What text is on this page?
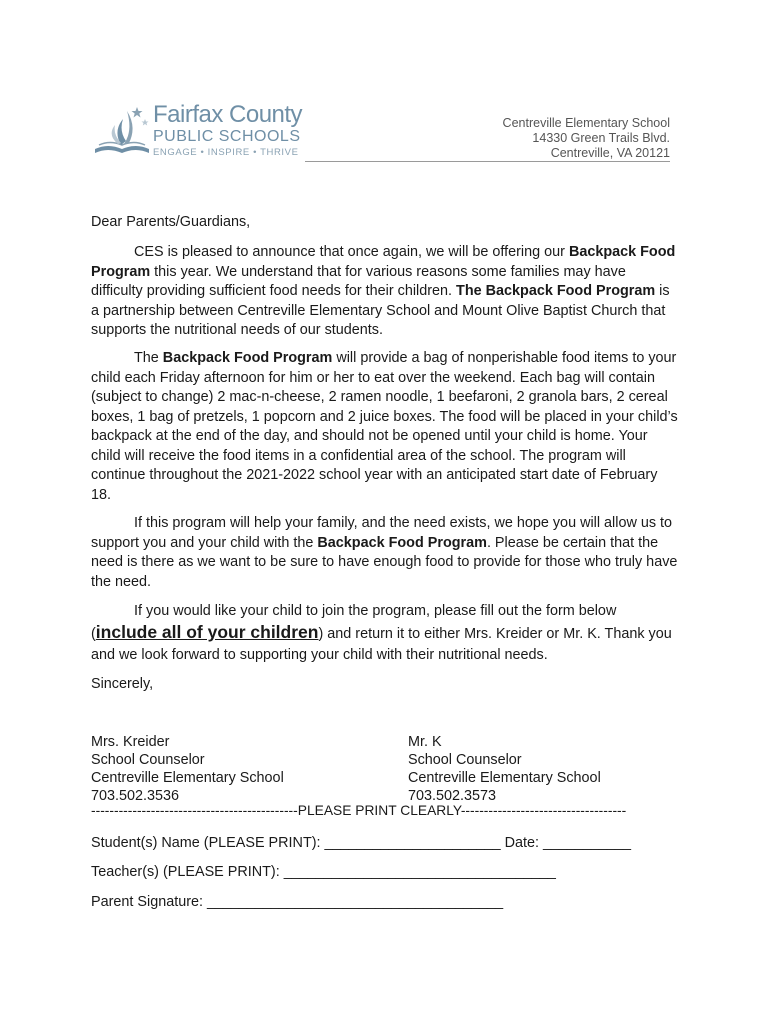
Fairfax County
PUBLIC SCHOOLS
ENGAGE • INSPIRE • THRIVE
Centreville Elementary School
14330 Green Trails Blvd.
Centreville, VA 20121
Dear Parents/Guardians,

CES is pleased to announce that once again, we will be offering our Backpack Food Program this year. We understand that for various reasons some families may have difficulty providing sufficient food needs for their children. The Backpack Food Program is a partnership between Centreville Elementary School and Mount Olive Baptist Church that supports the nutritional needs of our students.

The Backpack Food Program will provide a bag of nonperishable food items to your child each Friday afternoon for him or her to eat over the weekend. Each bag will contain (subject to change) 2 mac-n-cheese, 2 ramen noodle, 1 beefaroni, 2 granola bars, 2 cereal boxes, 1 bag of pretzels, 1 popcorn and 2 juice boxes. The food will be placed in your child’s backpack at the end of the day, and should not be opened until your child is home. Your child will receive the food items in a confidential area of the school. The program will continue throughout the 2021-2022 school year with an anticipated start date of February 18.

If this program will help your family, and the need exists, we hope you will allow us to support you and your child with the Backpack Food Program. Please be certain that the need is there as we want to be sure to have enough food to provide for those who truly have the need.

If you would like your child to join the program, please fill out the form below (include all of your children) and return it to either Mrs. Kreider or Mr. K. Thank you and we look forward to supporting your child with their nutritional needs.

Sincerely,
Mrs. Kreider
School Counselor
Centreville Elementary School
703.502.3536
Mr. K
School Counselor
Centreville Elementary School
703.502.3573
---------------------------------------------PLEASE PRINT CLEARLY------------------------------------
Student(s) Name (PLEASE PRINT): ______________________ Date: ___________
Teacher(s) (PLEASE PRINT): __________________________________
Parent Signature: _____________________________________
